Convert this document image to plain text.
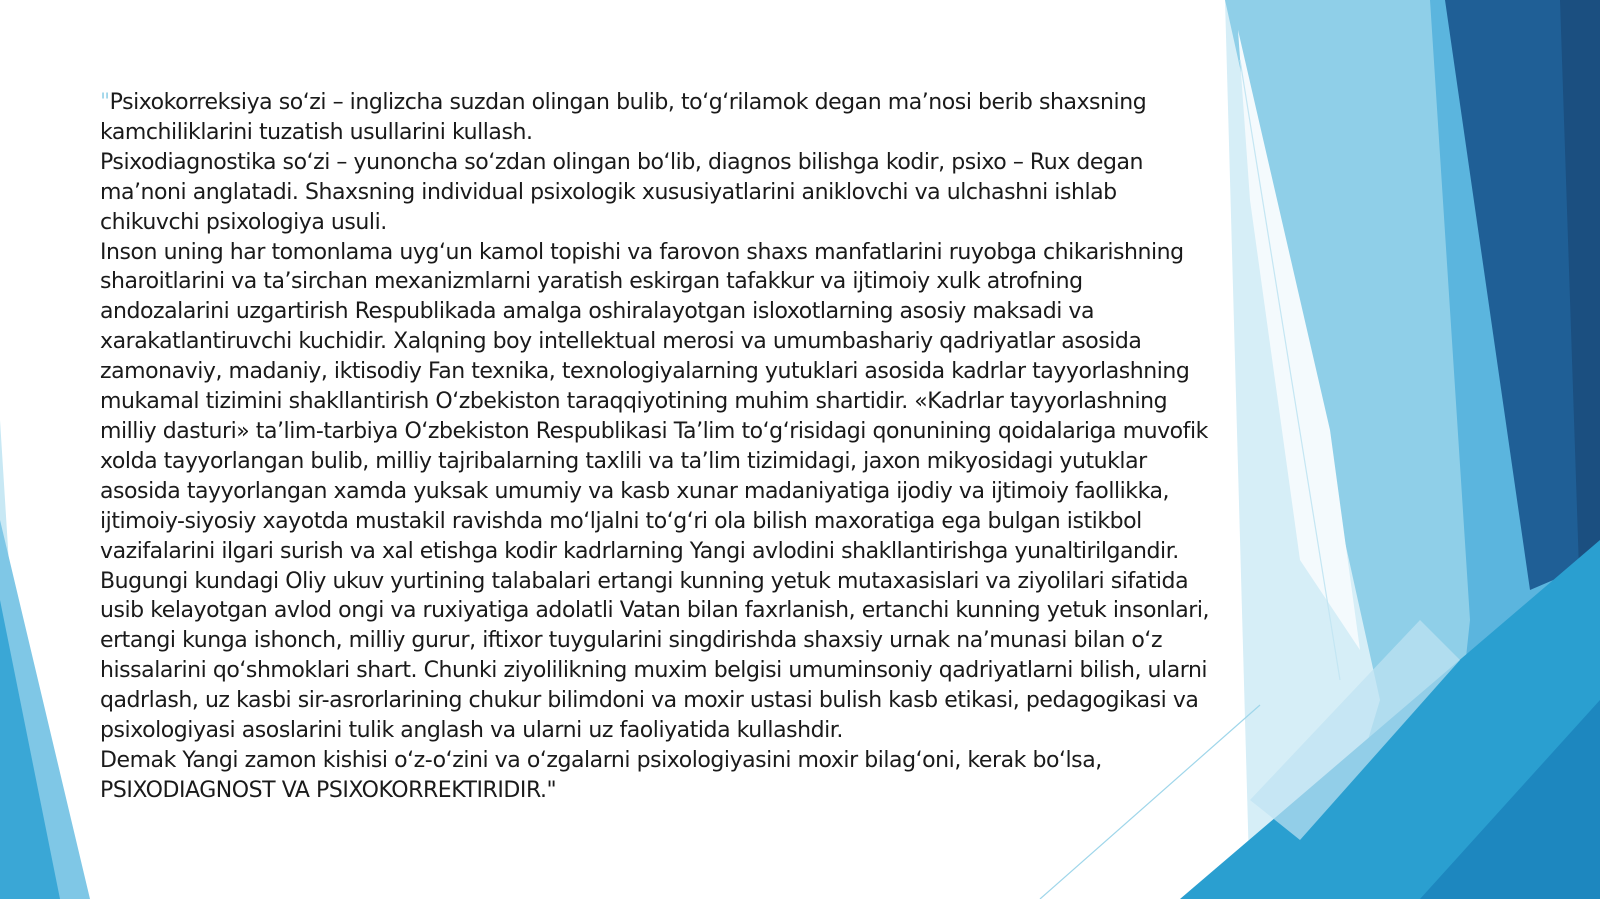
"Psixokorreksiya so‘zi – inglizcha suzdan olingan bulib, to‘g‘rilamok degan ma’nosi berib shaxsning kamchiliklarini tuzatish usullarini kullash.
Psixodiagnostika so‘zi – yunoncha so‘zdan olingan bo‘lib, diagnos bilishga kodir, psixo – Rux degan ma’noni anglatadi. Shaxsning individual psixologik xususiyatlarini aniklovchi va ulchashni ishlab chikuvchi psixologiya usuli.
Inson uning har tomonlama uyg‘un kamol topishi va farovon shaxs manfatlarini ruyobga chikarishning sharoitlarini va ta’sirchan mexanizmlarni yaratish eskirgan tafakkur va ijtimoiy xulk atrofning andozalarini uzgartirish Respublikada amalga oshiralayotgan isloxotlarning asosiy maksadi va xarakatlantiruvchi kuchidir. Xalqning boy intellektual merosi va umumbashariy qadriyatlar asosida zamonaviy, madaniy, iktisodiy Fan texnika, texnologiyalarning yutuklari asosida kadrlar tayyorlashning mukamal tizimini shakllantirish O‘zbekiston taraqqiyotining muhim shartidir. «Kadrlar tayyorlashning milliy dasturi» ta’lim-tarbiya O‘zbekiston Respublikasi Ta’lim to‘g‘risidagi qonunining qoidalariga muvofik xolda tayyorlangan bulib, milliy tajribalarning taxlili va ta’lim tizimidagi, jaxon mikyosidagi yutuklar asosida tayyorlangan xamda yuksak umumiy va kasb xunar madaniyatiga ijodiy va ijtimoiy faollikka, ijtimoiy-siyosiy xayotda mustakil ravishda mo‘ljalni to‘g‘ri ola bilish maxoratiga ega bulgan istikbol vazifalarini ilgari surish va xal etishga kodir kadrlarning Yangi avlodini shakllantirishga yunaltirilgandir. Bugungi kundagi Oliy ukuv yurtining talabalari ertangi kunning yetuk mutaxasislari va ziyolilari sifatida usib kelayotgan avlod ongi va ruxiyatiga adolatli Vatan bilan faxrlanish, ertanchi kunning yetuk insonlari, ertangi kunga ishonch, milliy gurur, iftixor tuygularini singdirishda shaxsiy urnak na’munasi bilan o‘z hissalarini qo‘shmoklari shart. Chunki ziyolilikning muxim belgisi umuminsoniy qadriyatlarni bilish, ularni qadrlash, uz kasbi sir-asrorlarining chukur bilimdoni va moxir ustasi bulish kasb etikasi, pedagogikasi va psixologiyasi asoslarini tulik anglash va ularni uz faoliyatida kullashdir.
Demak Yangi zamon kishisi o‘z-o‘zini va o‘zgalarni psixologiyasini moxir bilag‘oni, kerak bo‘lsa, PSIXODIAGNOST VA PSIXOKORREKTIRIDIR."
